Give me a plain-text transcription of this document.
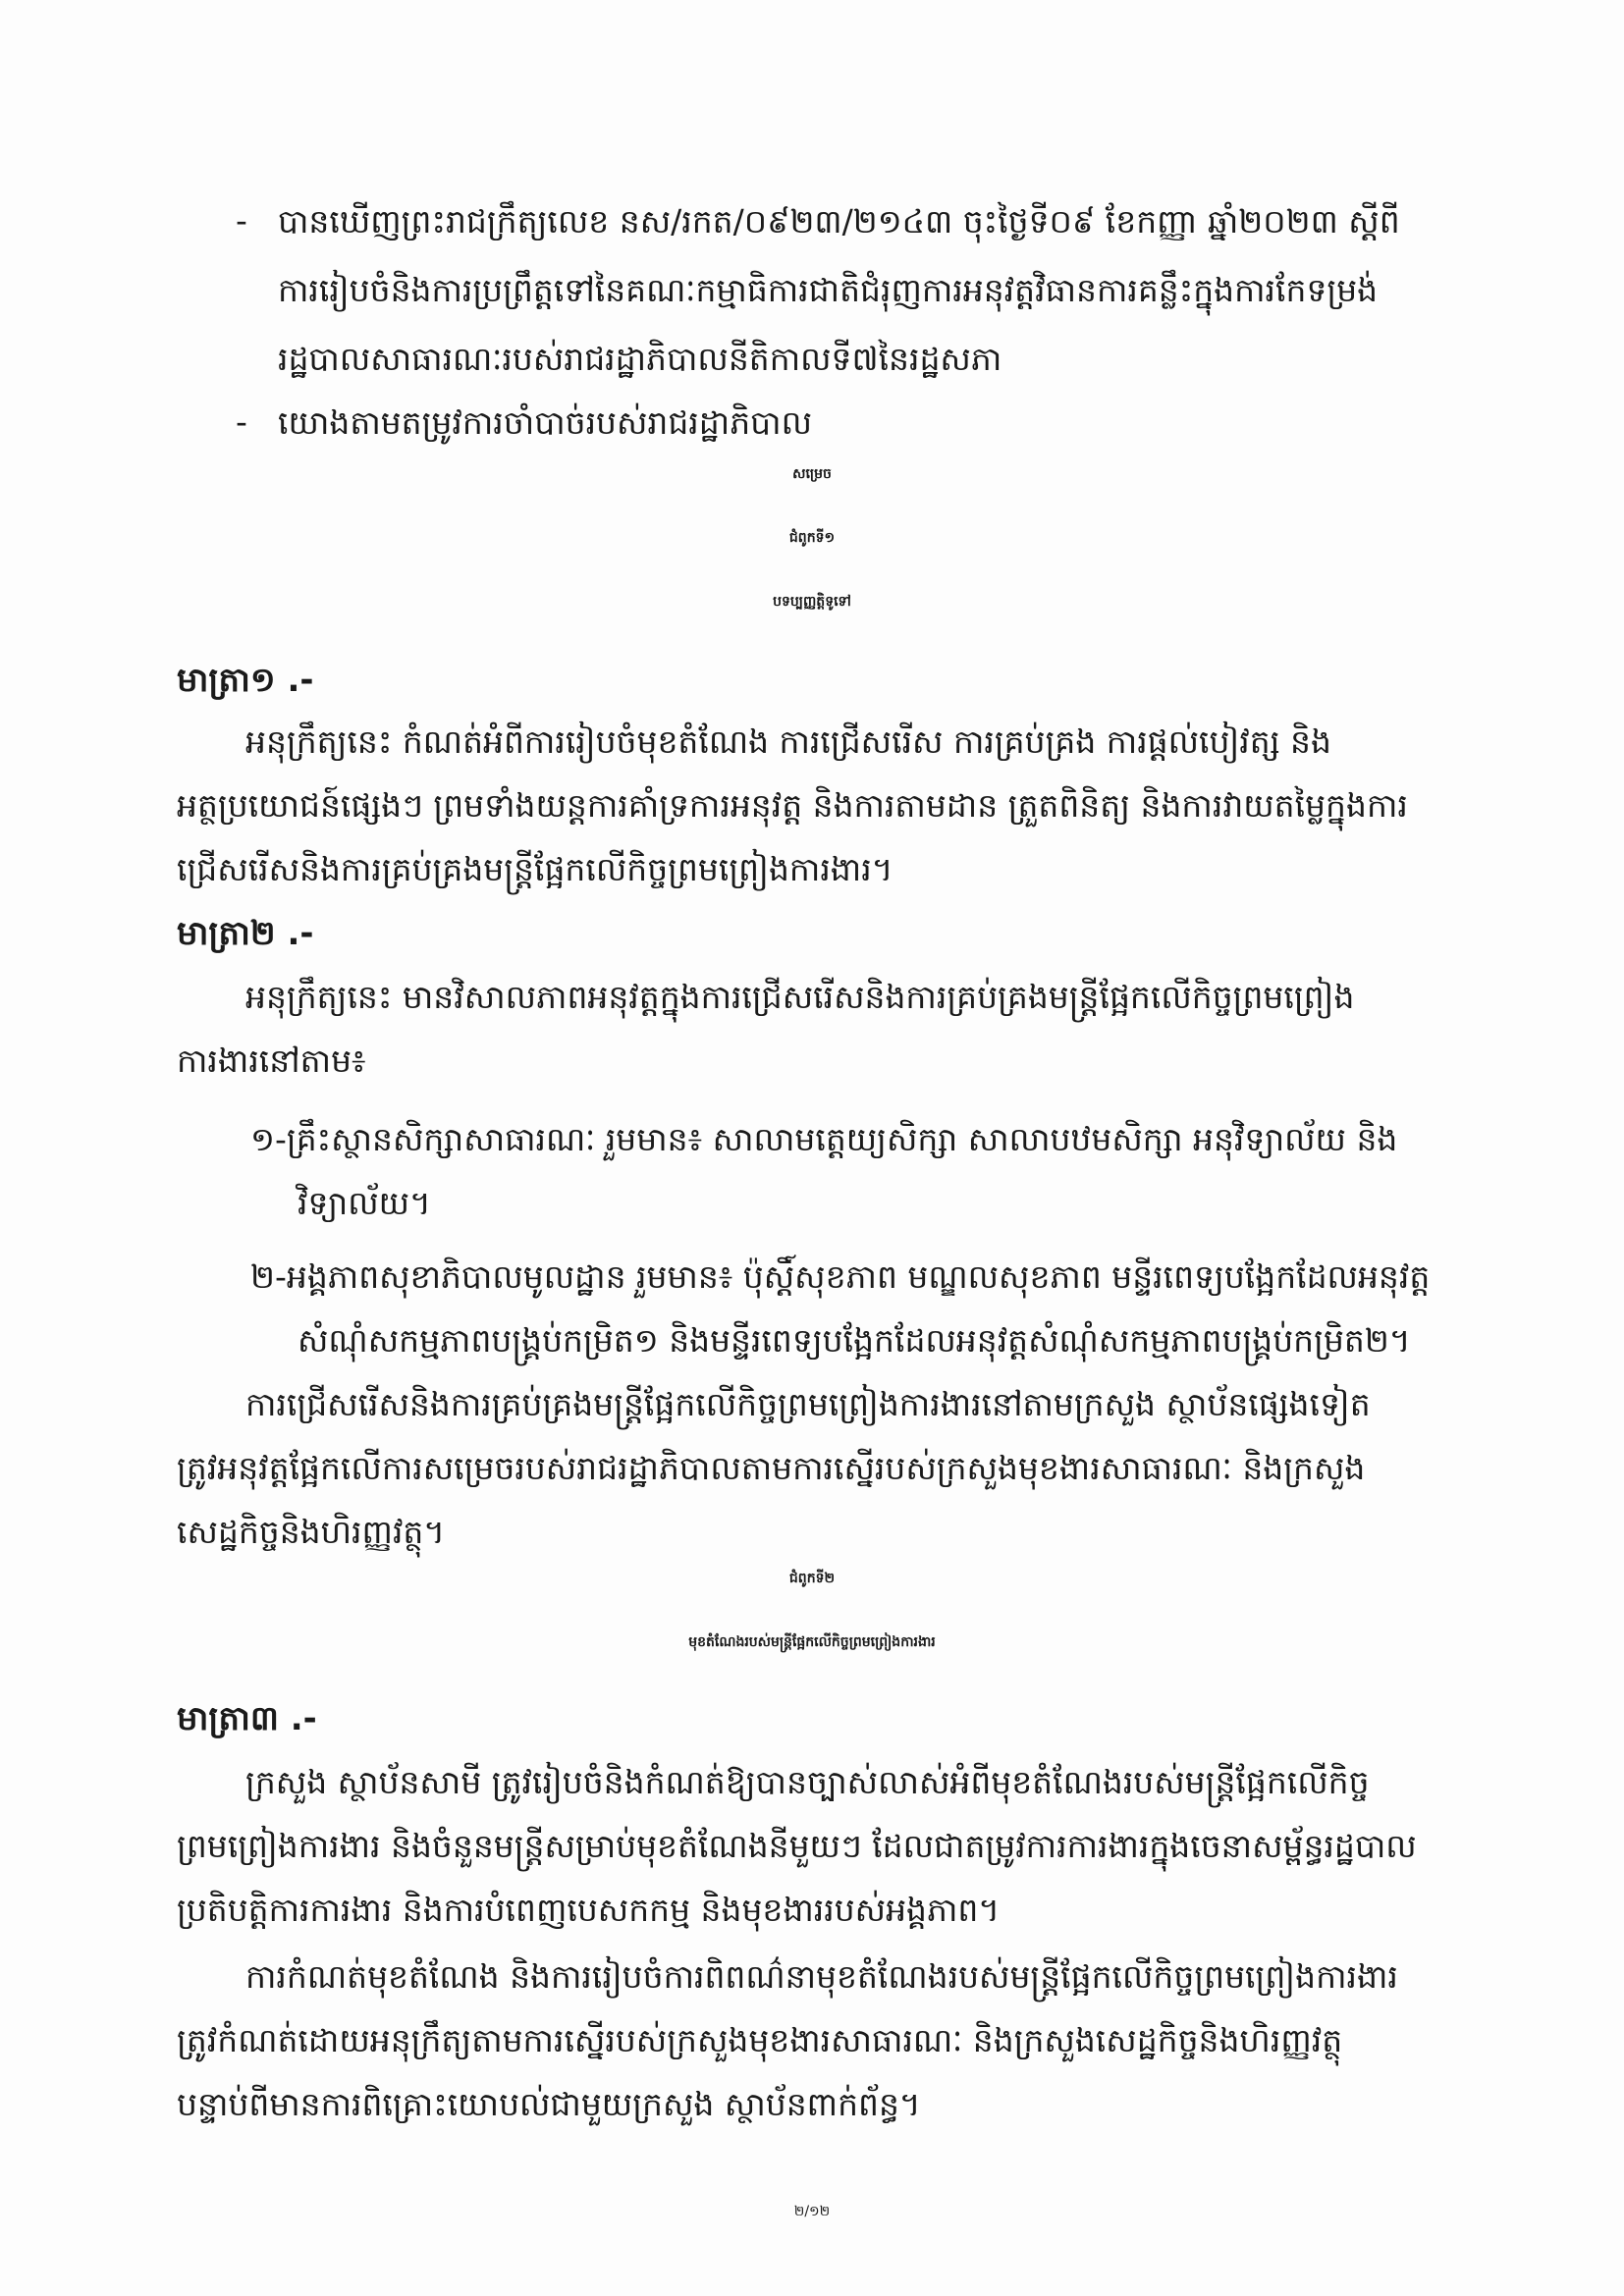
- បានឃើញព្រះរាជក្រឹត្យលេខ នស/រកត/០៩២៣/២១៤៣ ចុះថ្ងៃទី០៩ ខែកញ្ញា ឆ្នាំ២០២៣ ស្ដីពី
ការរៀបចំនិងការប្រព្រឹត្តទៅនៃគណៈកម្មាធិការជាតិជំរុញការអនុវត្តវិធានការគន្លឹះក្នុងការកែទម្រង់
រដ្ឋបាលសាធារណៈរបស់រាជរដ្ឋាភិបាលនីតិកាលទី៧នៃរដ្ឋសភា
- យោងតាមតម្រូវការចាំបាច់របស់រាជរដ្ឋាភិបាល
សម្រេច
ជំពូកទី១
បទប្បញ្ញត្តិទូទៅ
មាត្រា១ .-
អនុក្រឹត្យនេះ កំណត់អំពីការរៀបចំមុខតំណែង ការជ្រើសរើស ការគ្រប់គ្រង ការផ្ដល់បៀវត្ស និង
អត្ថប្រយោជន៍ផ្សេងៗ ព្រមទាំងយន្តការគាំទ្រការអនុវត្ត និងការតាមដាន ត្រួតពិនិត្យ និងការវាយតម្លៃក្នុងការ
ជ្រើសរើសនិងការគ្រប់គ្រងមន្ត្រីផ្អែកលើកិច្ចព្រមព្រៀងការងារ។
មាត្រា២ .-
អនុក្រឹត្យនេះ មានវិសាលភាពអនុវត្តក្នុងការជ្រើសរើសនិងការគ្រប់គ្រងមន្ត្រីផ្អែកលើកិច្ចព្រមព្រៀង
ការងារនៅតាម៖
១-គ្រឹះស្ថានសិក្សាសាធារណៈ រួមមាន៖ សាលាមត្តេយ្យសិក្សា សាលាបឋមសិក្សា អនុវិទ្យាល័យ និង
វិទ្យាល័យ។
២-អង្គភាពសុខាភិបាលមូលដ្ឋាន រួមមាន៖ ប៉ុស្តិ៍សុខភាព មណ្ឌលសុខភាព មន្ទីរពេទ្យបង្អែកដែលអនុវត្ត
សំណុំសកម្មភាពបង្គ្រប់កម្រិត១ និងមន្ទីរពេទ្យបង្អែកដែលអនុវត្តសំណុំសកម្មភាពបង្គ្រប់កម្រិត២។
ការជ្រើសរើសនិងការគ្រប់គ្រងមន្ត្រីផ្អែកលើកិច្ចព្រមព្រៀងការងារនៅតាមក្រសួង ស្ថាប័នផ្សេងទៀត
ត្រូវអនុវត្តផ្អែកលើការសម្រេចរបស់រាជរដ្ឋាភិបាលតាមការស្នើរបស់ក្រសួងមុខងារសាធារណៈ និងក្រសួង
សេដ្ឋកិច្ចនិងហិរញ្ញវត្ថុ។
ជំពូកទី២
មុខតំណែងរបស់មន្ត្រីផ្អែកលើកិច្ចព្រមព្រៀងការងារ
មាត្រា៣ .-
ក្រសួង ស្ថាប័នសាមី ត្រូវរៀបចំនិងកំណត់ឱ្យបានច្បាស់លាស់អំពីមុខតំណែងរបស់មន្ត្រីផ្អែកលើកិច្ច
ព្រមព្រៀងការងារ និងចំនួនមន្ត្រីសម្រាប់មុខតំណែងនីមួយៗ ដែលជាតម្រូវការការងារក្នុងចេនាសម្ព័ន្ធរដ្ឋបាល
ប្រតិបត្តិការការងារ និងការបំពេញបេសកកម្ម និងមុខងាររបស់អង្គភាព។
ការកំណត់មុខតំណែង និងការរៀបចំការពិពណ៌នាមុខតំណែងរបស់មន្ត្រីផ្អែកលើកិច្ចព្រមព្រៀងការងារ
ត្រូវកំណត់ដោយអនុក្រឹត្យតាមការស្នើរបស់ក្រសួងមុខងារសាធារណៈ និងក្រសួងសេដ្ឋកិច្ចនិងហិរញ្ញវត្ថុ
បន្ទាប់ពីមានការពិគ្រោះយោបល់ជាមួយក្រសួង ស្ថាប័នពាក់ព័ន្ធ។
២/១២
